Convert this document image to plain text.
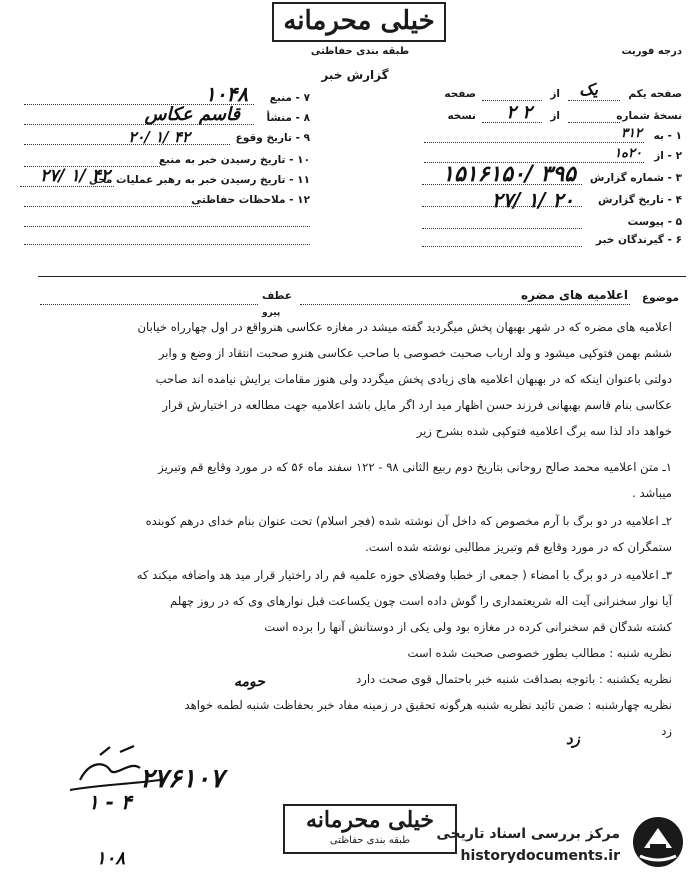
خیلی محرمانه
طبقه بندی حفاظتی
گزارش خبر
درجه فوریت
صفحه یکم
از
صفحه	یک
نسخهٔ شماره
از
نسخه ۲ ۲
۱ - به
۳۱۲
۲ - از
۲۰ه۱
۳ - شماره گزارش
۱۵۱۶۱۵۰/ ۳۹۵
۴ - تاریخ گزارش
۲۷/ ۱/ ۲۰
۵ - پیوست
۶ - گیرندگان خبر
۷ - منبع
۱۰۴۸
۸ - منشأ
قاسم عکاس
۹ - تاریخ وقوع
۲۰/ ۱/ ۴۲
۱۰ - تاریخ رسیدن خبر به منبع
۱۱ - تاریخ رسیدن خبر به رهبر عملیات محل
۲۷/ ۱/ ۴۲
۱۲ - ملاحظات حفاظتی
موضوع
اعلامیه های مضره
عطف
پیرو
اعلامیه های مضره که در شهر بهبهان پخش میگردید گفته میشد در مغازه عکاسی هنرواقع در اول چهارراه خیابان
ششم بهمن فتوکپی میشود و ولد ارباب صحبت خصوصی با صاحب عکاسی هنرو صحبت انتقاد از وضع و وابر
دولتی باعنوان اینکه که در بهبهان اعلامیه های زیادی پخش میگردد ولی هنوز مقامات برایش نیامده اند صاحب
عکاسی بنام قاسم بهبهانی فرزند حسن اظهار مید ارد اگر مایل باشد اعلامیه جهت مطالعه در اختیارش قرار
خواهد داد لذا سه برگ اعلامیه فتوکپی شده بشرح زیر
۱ـ متن اعلامیه محمد صالح روحانی بتاریخ دوم ربیع الثانی ۹۸ - ۱۲۲ سفند ماه ۵۶ که در مورد وقایع قم وتبریز
میباشد .
۲ـ اعلامیه در دو برگ با آرم مخصوص که داخل آن نوشته شده (فجر اسلام) تحت عنوان بنام خدای درهم کوبنده
ستمگران که در مورد وقایع قم وتبریز مطالبی نوشته شده است.
۳ـ اعلامیه در دو برگ با امضاء ( جمعی از خطبا وفضلای حوزه علمیه قم راد راختیار قرار مید هد واضافه میکند که
آیا نوار سخنرانی آیت اله شریعتمداری را گوش داده است چون یکساعت قبل نوارهای وی که در روز چهلم
کشته شدگان قم سخنرانی کرده در مغازه بود ولی یکی از دوستانش آنها را برده است
نظریه شنبه : مطالب بطور خصوصی صحبت شده است
نظریه یکشنبه : باتوجه بصداقت شنبه خبر باحتمال قوی صحت دارد
نظریه چهارشنبه : ضمن تائید نظریه شنبه هرگونه تحقیق در زمینه مفاد خبر بحفاظت شنبه لطمه خواهد
زد
حومه
زد
۲۷۶۱۰۷
۱ - ۴
۱۰۸
خیلی محرمانه
طبقه بندی حفاظتی	مرکز بررسی اسناد تاریخی
historydocuments.ir
